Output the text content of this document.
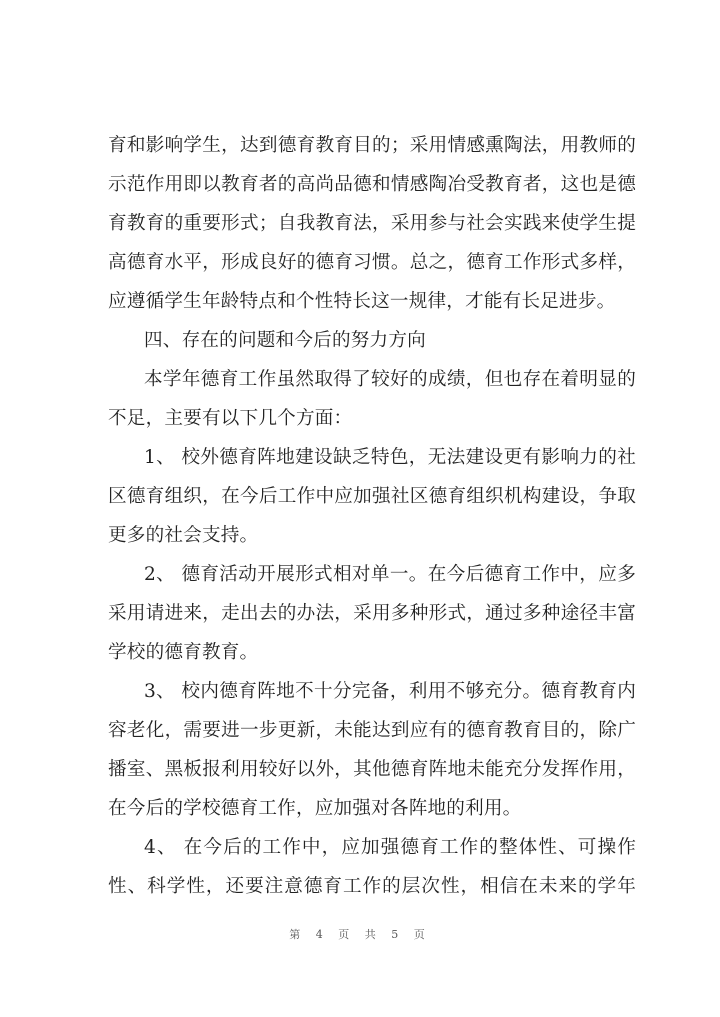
育和影响学生，达到德育教育目的；采用情感熏陶法，用教师的
示范作用即以教育者的高尚品德和情感陶冶受教育者，这也是德
育教育的重要形式；自我教育法，采用参与社会实践来使学生提
高德育水平，形成良好的德育习惯。总之，德育工作形式多样，
应遵循学生年龄特点和个性特长这一规律，才能有长足进步。
四、存在的问题和今后的努力方向
本学年德育工作虽然取得了较好的成绩，但也存在着明显的
不足，主要有以下几个方面：
1、 校外德育阵地建设缺乏特色，无法建设更有影响力的社
区德育组织，在今后工作中应加强社区德育组织机构建设，争取
更多的社会支持。
2、 德育活动开展形式相对单一。在今后德育工作中，应多
采用请进来，走出去的办法，采用多种形式，通过多种途径丰富
学校的德育教育。
3、 校内德育阵地不十分完备，利用不够充分。德育教育内
容老化，需要进一步更新，未能达到应有的德育教育目的，除广
播室、黑板报利用较好以外，其他德育阵地未能充分发挥作用，
在今后的学校德育工作，应加强对各阵地的利用。
4、 在今后的工作中，应加强德育工作的整体性、可操作
性、科学性，还要注意德育工作的层次性，相信在未来的学年
第 4 页 共 5 页
